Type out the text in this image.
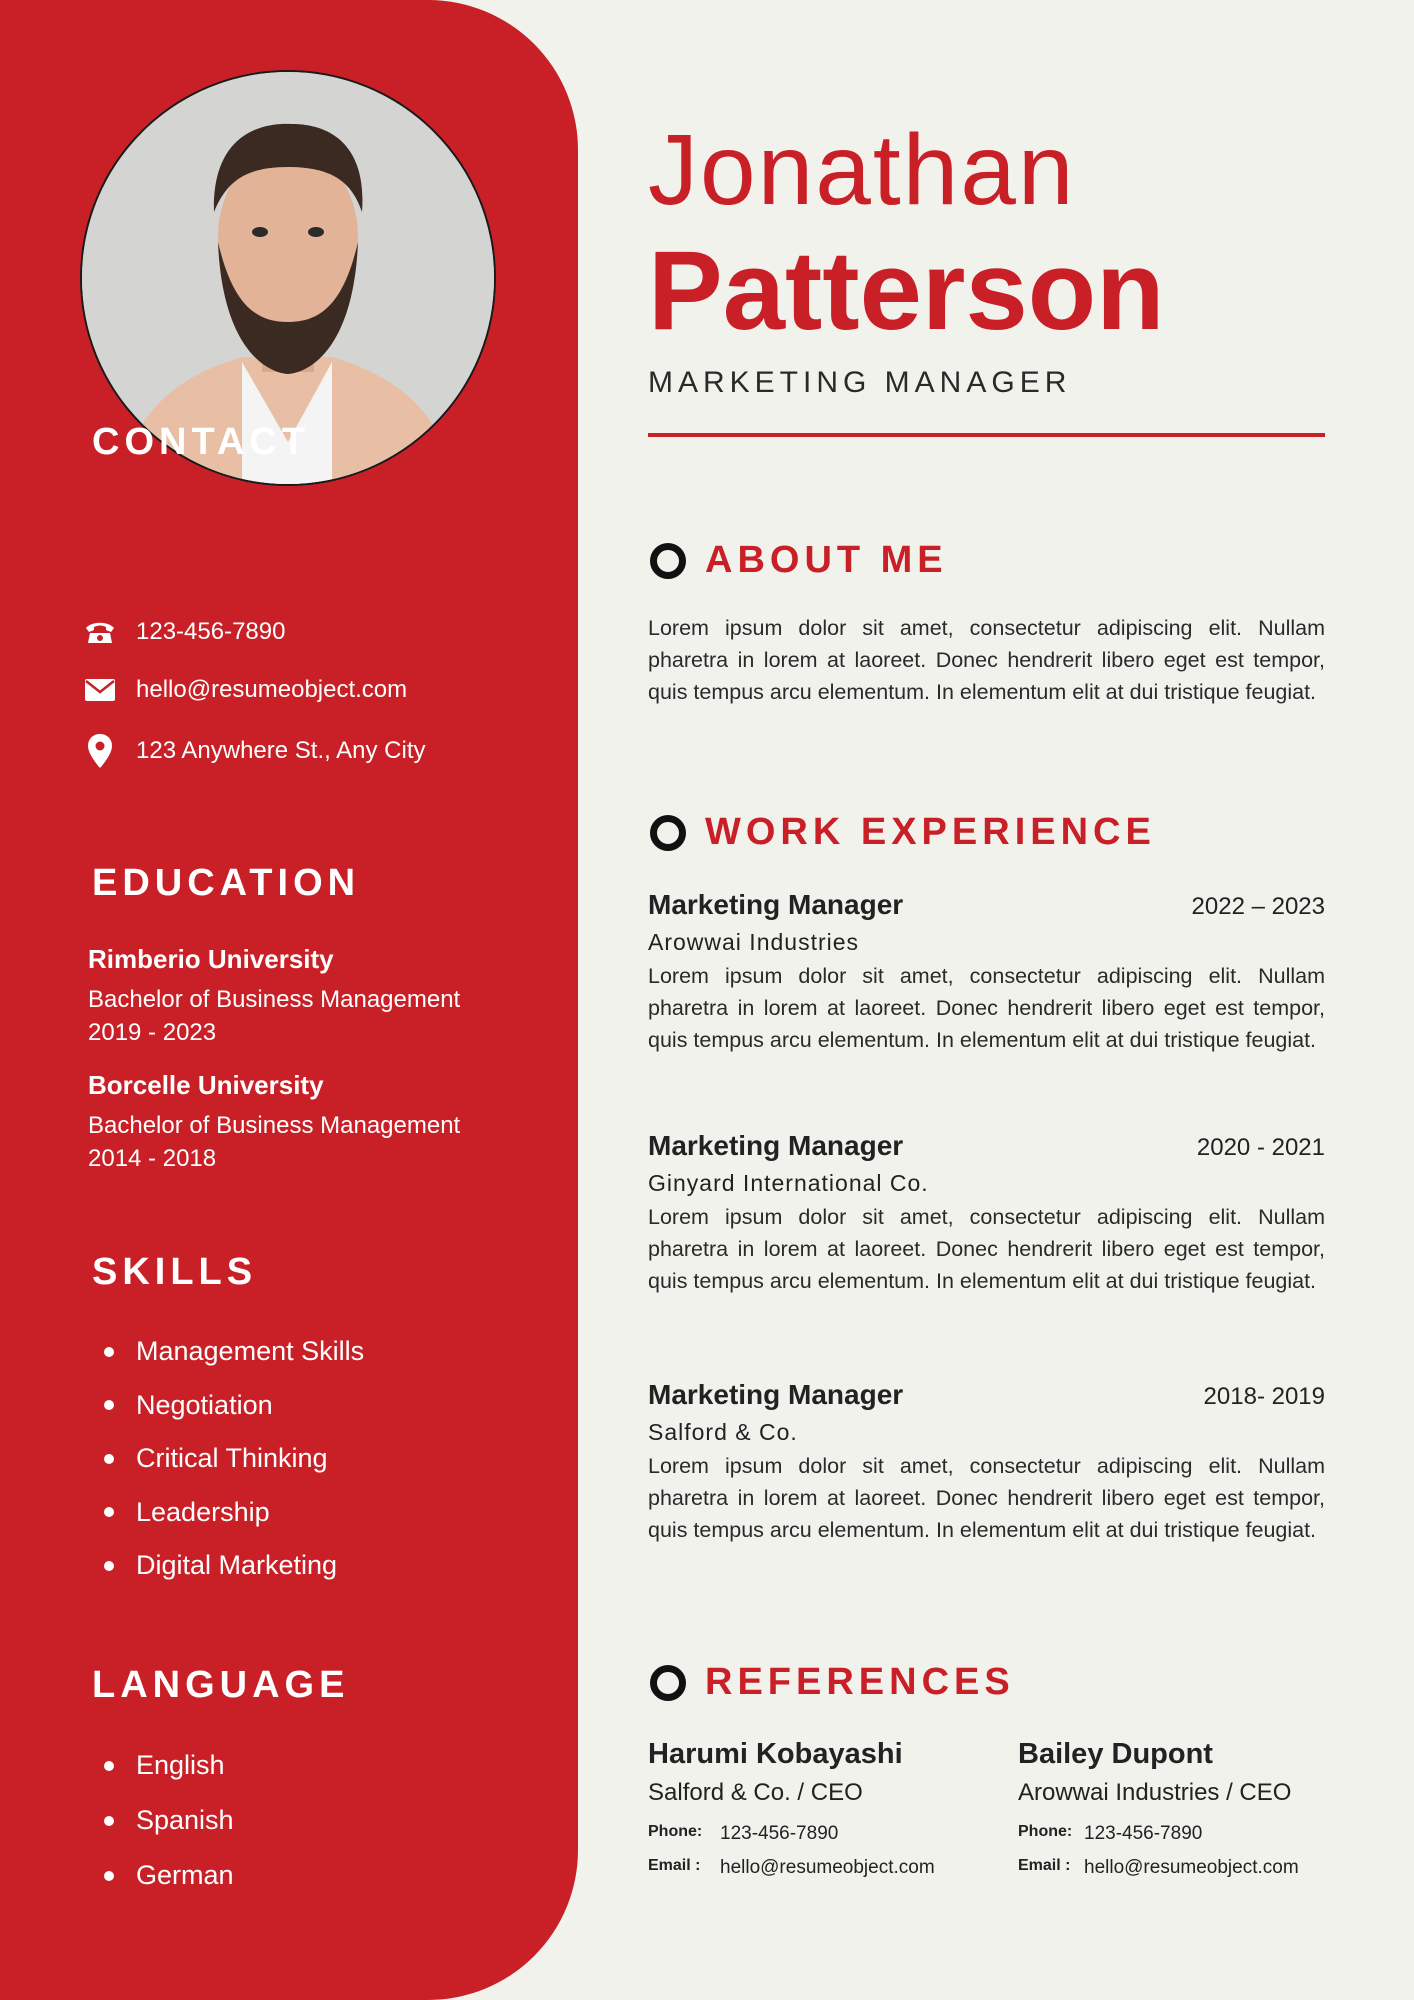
CONTACT
123-456-7890
hello@resumeobject.com
123 Anywhere St., Any City
EDUCATION
Rimberio University
Bachelor of Business Management
2019 - 2023
Borcelle University
Bachelor of Business Management
2014 - 2018
SKILLS
Management Skills
Negotiation
Critical Thinking
Leadership
Digital Marketing
LANGUAGE
English
Spanish
German
Jonathan
Patterson
MARKETING MANAGER
ABOUT ME

Lorem ipsum dolor sit amet, consectetur adipiscing elit. Nullam pharetra in lorem at laoreet. Donec hendrerit libero eget est tempor, quis tempus arcu elementum. In elementum elit at dui tristique feugiat.

WORK EXPERIENCE
Marketing Manager	2022 – 2023
Arowwai Industries

Lorem ipsum dolor sit amet, consectetur adipiscing elit. Nullam pharetra in lorem at laoreet. Donec hendrerit libero eget est tempor, quis tempus arcu elementum. In elementum elit at dui tristique feugiat.

Marketing Manager	2020 - 2021
Ginyard International Co.

Lorem ipsum dolor sit amet, consectetur adipiscing elit. Nullam pharetra in lorem at laoreet. Donec hendrerit libero eget est tempor, quis tempus arcu elementum. In elementum elit at dui tristique feugiat.

Marketing Manager	2018- 2019
Salford & Co.

Lorem ipsum dolor sit amet, consectetur adipiscing elit. Nullam pharetra in lorem at laoreet. Donec hendrerit libero eget est tempor, quis tempus arcu elementum. In elementum elit at dui tristique feugiat.

REFERENCES
Harumi Kobayashi
Salford & Co. / CEO
Phone: 123-456-7890
Email :	hello@resumeobject.com
Bailey Dupont
Arowwai Industries / CEO
Phone: 123-456-7890
Email : hello@resumeobject.com
